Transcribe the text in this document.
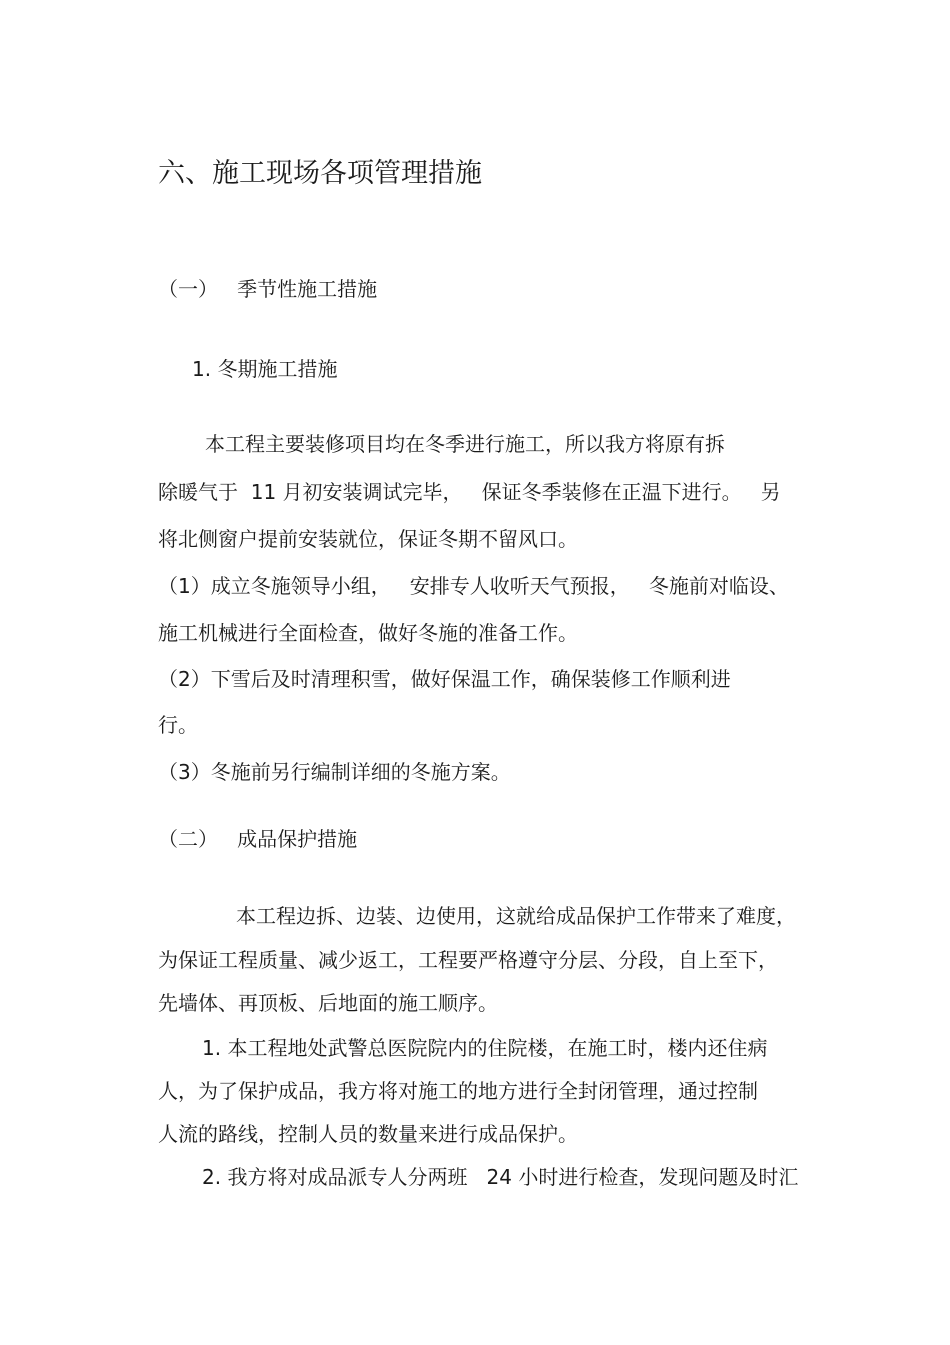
六、施工现场各项管理措施

（一）   季节性施工措施

1. 冬期施工措施

本工程主要装修项目均在冬季进行施工，所以我方将原有拆

除暖气于  11 月初安装调试完毕，   保证冬季装修在正温下进行。   另

将北侧窗户提前安装就位，保证冬期不留风口。

（1）成立冬施领导小组，   安排专人收听天气预报，   冬施前对临设、

施工机械进行全面检查，做好冬施的准备工作。

（2）下雪后及时清理积雪，做好保温工作，确保装修工作顺利进

行。

（3）冬施前另行编制详细的冬施方案。

（二）   成品保护措施

本工程边拆、边装、边使用，这就给成品保护工作带来了难度，

为保证工程质量、减少返工，工程要严格遵守分层、分段，自上至下，

先墙体、再顶板、后地面的施工顺序。

1. 本工程地处武警总医院院内的住院楼，在施工时，楼内还住病

人，为了保护成品，我方将对施工的地方进行全封闭管理，通过控制

人流的路线，控制人员的数量来进行成品保护。

2. 我方将对成品派专人分两班   24 小时进行检查，发现问题及时汇
